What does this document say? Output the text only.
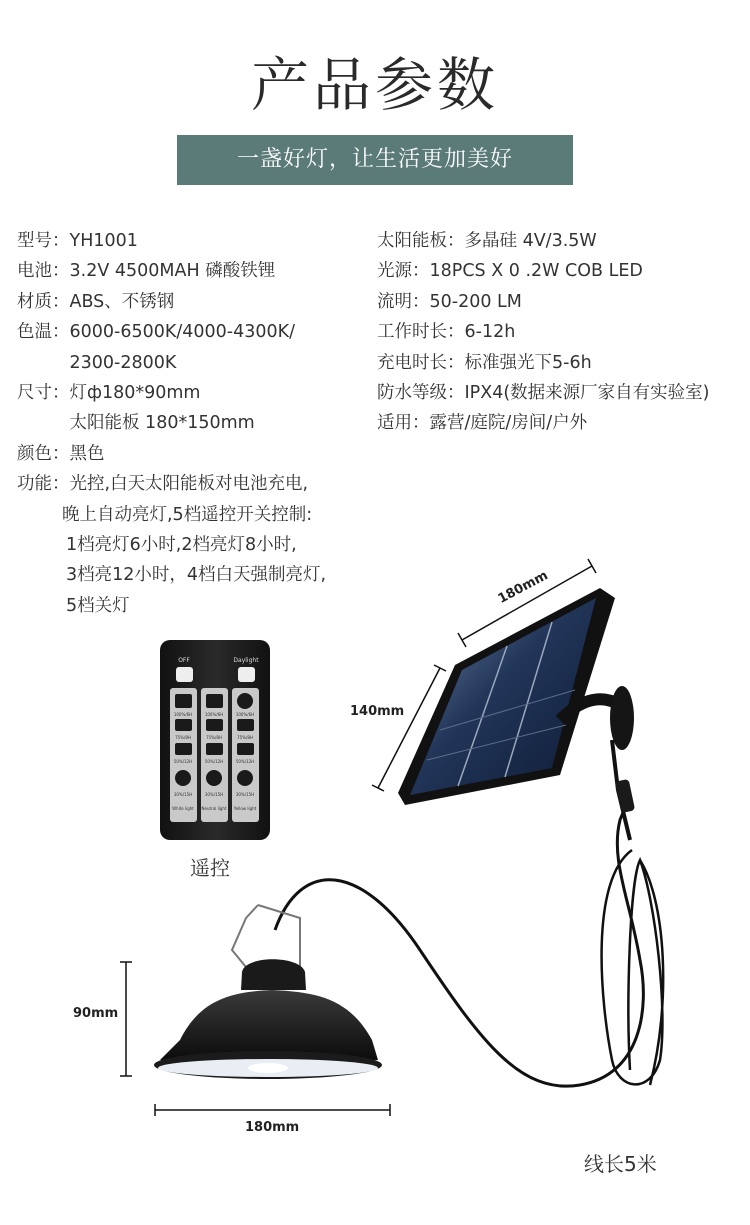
产品参数
一盏好灯，让生活更加美好
型号： YH1001
电池： 3.2V 4500MAH 磷酸铁锂
材质： ABS、不锈钢
色温： 6000-6500K/4000-4300K/
2300-2800K
尺寸： 灯ф180*90mm
太阳能板 180*150mm
颜色： 黑色
功能：光控,白天太阳能板对电池充电,
晚上自动亮灯,5档遥控开关控制:
1档亮灯6小时,2档亮灯8小时,
3档亮12小时，4档白天强制亮灯,
5档关灯
太阳能板： 多晶硅 4V/3.5W
光源： 18PCS X 0 .2W COB LED
流明： 50-200 LM
工作时长： 6-12h
充电时长： 标准强光下5-6h
防水等级： IPX4(数据来源厂家自有实验室)
适用： 露营/庭院/房间/户外
OFF	Daylight
100%/6H	100%/6H	100%/6H
75%/8H	75%/8H	75%/8H
50%/12H	50%/12H	50%/12H
30%/15H	30%/15H	30%/15H
White light Neutral light Yellow light
180mm
140mm
90mm
180mm
遥控
线长5米
